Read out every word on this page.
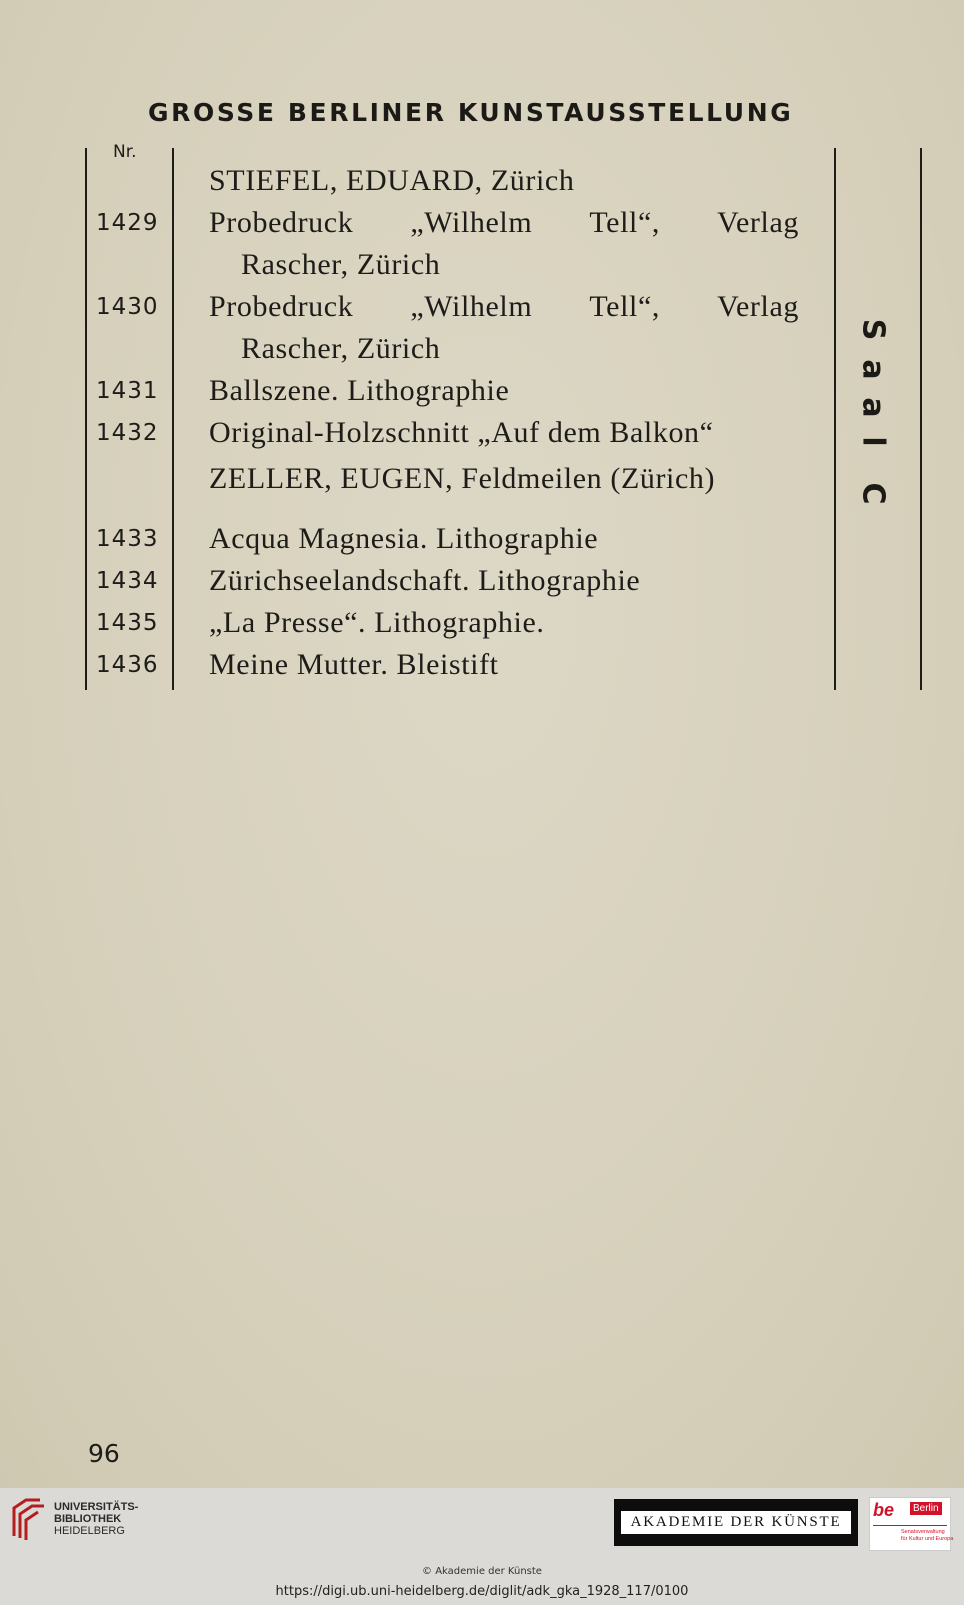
GROSSE BERLINER KUNSTAUSSTELLUNG
Nr.
STIEFEL, EDUARD, Zürich
1429 Probedruck „Wilhelm Tell“, Verlag
Rascher, Zürich
1430 Probedruck „Wilhelm Tell“, Verlag
Rascher, Zürich
1431 Ballszene. Lithographie
1432 Original-Holzschnitt „Auf dem Balkon“
ZELLER, EUGEN, Feldmeilen (Zürich)
1433 Acqua Magnesia. Lithographie
1434 Zürichseelandschaft. Lithographie
1435 „La Presse“. Lithographie.
1436 Meine Mutter. Bleistift
S
a
a
l
C
96
UNIVERSITÄTS-
BIBLIOTHEK
HEIDELBERG
AKADEMIE DER KÜNSTE
be	Berlin
Senatsverwaltung
für Kultur und Europa
© Akademie der Künste
https://digi.ub.uni-heidelberg.de/diglit/adk_gka_1928_117/0100
